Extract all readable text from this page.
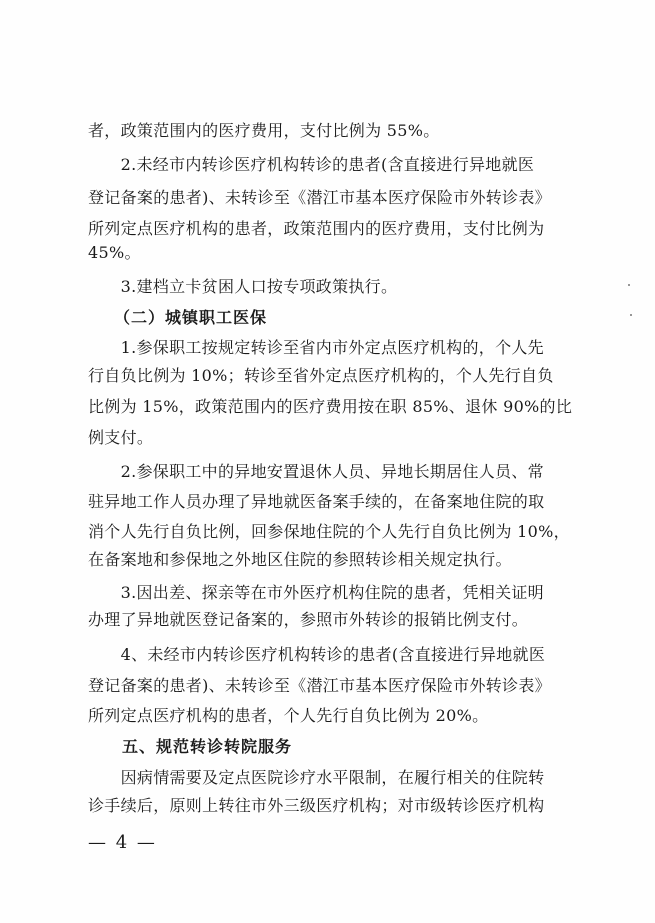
者，政策范围内的医疗费用，支付比例为 55%。
　　2.未经市内转诊医疗机构转诊的患者(含直接进行异地就医
登记备案的患者)、未转诊至《潜江市基本医疗保险市外转诊表》
所列定点医疗机构的患者，政策范围内的医疗费用，支付比例为
45%。
　　3.建档立卡贫困人口按专项政策执行。
　　（二）城镇职工医保
　　1.参保职工按规定转诊至省内市外定点医疗机构的，个人先
行自负比例为 10%；转诊至省外定点医疗机构的，个人先行自负
比例为 15%，政策范围内的医疗费用按在职 85%、退休 90%的比
例支付。
　　2.参保职工中的异地安置退休人员、异地长期居住人员、常
驻异地工作人员办理了异地就医备案手续的，在备案地住院的取
消个人先行自负比例，回参保地住院的个人先行自负比例为 10%，
在备案地和参保地之外地区住院的参照转诊相关规定执行。
　　3.因出差、探亲等在市外医疗机构住院的患者，凭相关证明
办理了异地就医登记备案的，参照市外转诊的报销比例支付。
　　4、未经市内转诊医疗机构转诊的患者(含直接进行异地就医
登记备案的患者)、未转诊至《潜江市基本医疗保险市外转诊表》
所列定点医疗机构的患者，个人先行自负比例为 20%。
　　五、规范转诊转院服务
　　因病情需要及定点医院诊疗水平限制，在履行相关的住院转
诊手续后，原则上转往市外三级医疗机构；对市级转诊医疗机构
— 4 —
